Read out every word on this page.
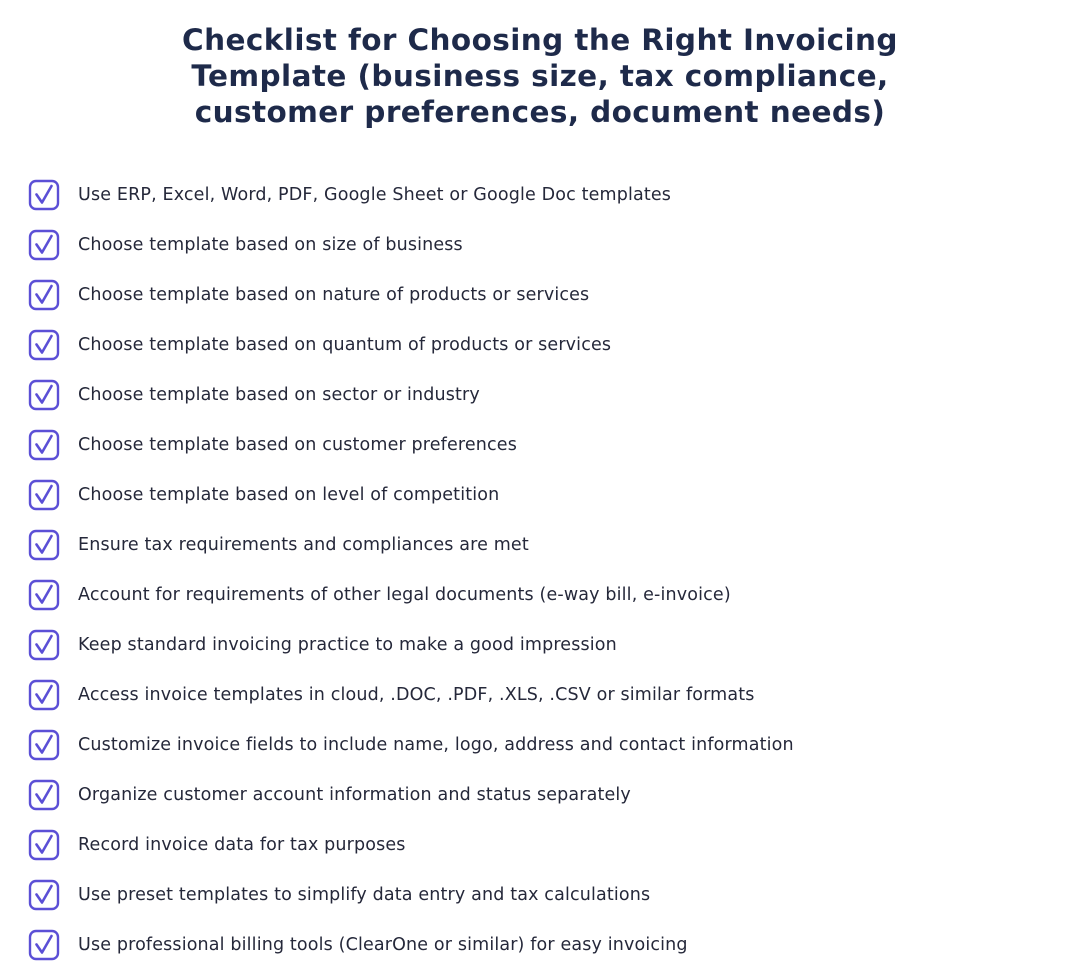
Checklist for Choosing the Right Invoicing
Template (business size, tax compliance,
customer preferences, document needs)
Use ERP, Excel, Word, PDF, Google Sheet or Google Doc templates
Choose template based on size of business
Choose template based on nature of products or services
Choose template based on quantum of products or services
Choose template based on sector or industry
Choose template based on customer preferences
Choose template based on level of competition
Ensure tax requirements and compliances are met
Account for requirements of other legal documents (e-way bill, e-invoice)
Keep standard invoicing practice to make a good impression
Access invoice templates in cloud, .DOC, .PDF, .XLS, .CSV or similar formats
Customize invoice fields to include name, logo, address and contact information
Organize customer account information and status separately
Record invoice data for tax purposes
Use preset templates to simplify data entry and tax calculations
Use professional billing tools (ClearOne or similar) for easy invoicing
